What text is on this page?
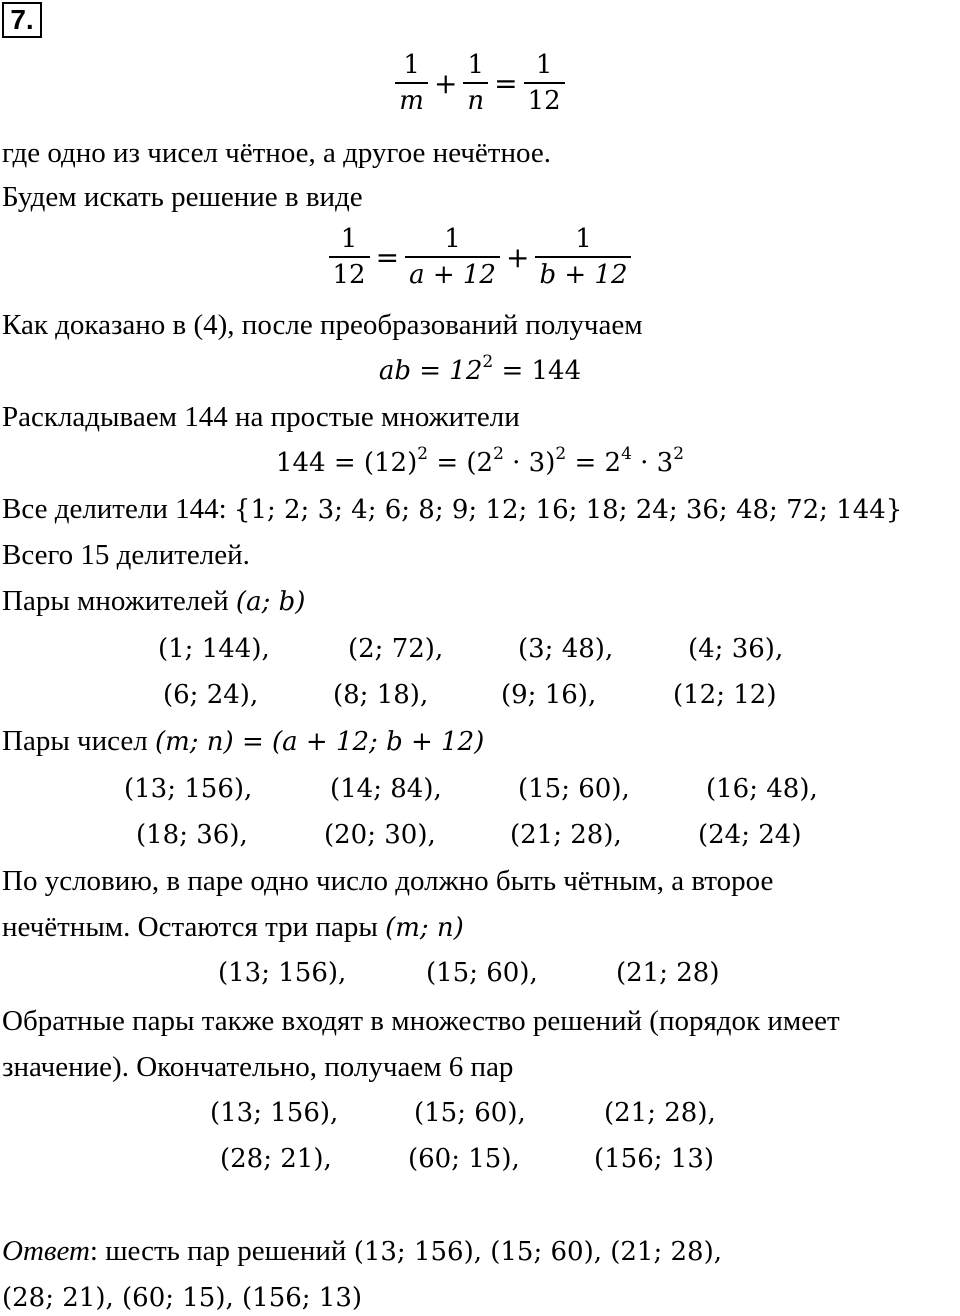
7.
$\frac{1}{m} + \frac{1}{n} = \frac{1}{12}$
где одно из чисел чётное, а другое нечётное.
Будем искать решение в виде
$\frac{1}{12} = \frac{1}{a + 12} + \frac{1}{b + 12}$
Как доказано в (4), после преобразований получаем
ab = $12^2 = 144$
Раскладываем 144 на простые множители
$144 = (12)^2 = (2^2 \cdot 3)^2 = 2^4 \cdot 3^2$
Все делители 144: {1; 2; 3; 4; 6; 8; 9; 12; 16; 18; 24; 36; 48; 72; 144}
Всего 15 делителей.
Пары множителей (a; b)
(1; 144),	(2; 72),	(3; 48),	(4; 36),
(6; 24),	(8; 18),	(9; 16),	(12; 12)
Пары чисел (m; n) = (a + 12; b + 12)
(13; 156),	(14; 84),	(15; 60),	(16; 48),
(18; 36),	(20; 30),	(21; 28),	(24; 24)
По условию, в паре одно число должно быть чётным, а второе
нечётным. Остаются три пары (m; n)
(13; 156),	(15; 60),	(21; 28)
Обратные пары также входят в множество решений (порядок имеет
значение). Окончательно, получаем 6 пар
(13; 156),	(15; 60),	(21; 28),
(28; 21),	(60; 15),	(156; 13)
Ответ: шесть пар решений (13; 156), (15; 60), (21; 28),
(28; 21), (60; 15), (156; 13)
